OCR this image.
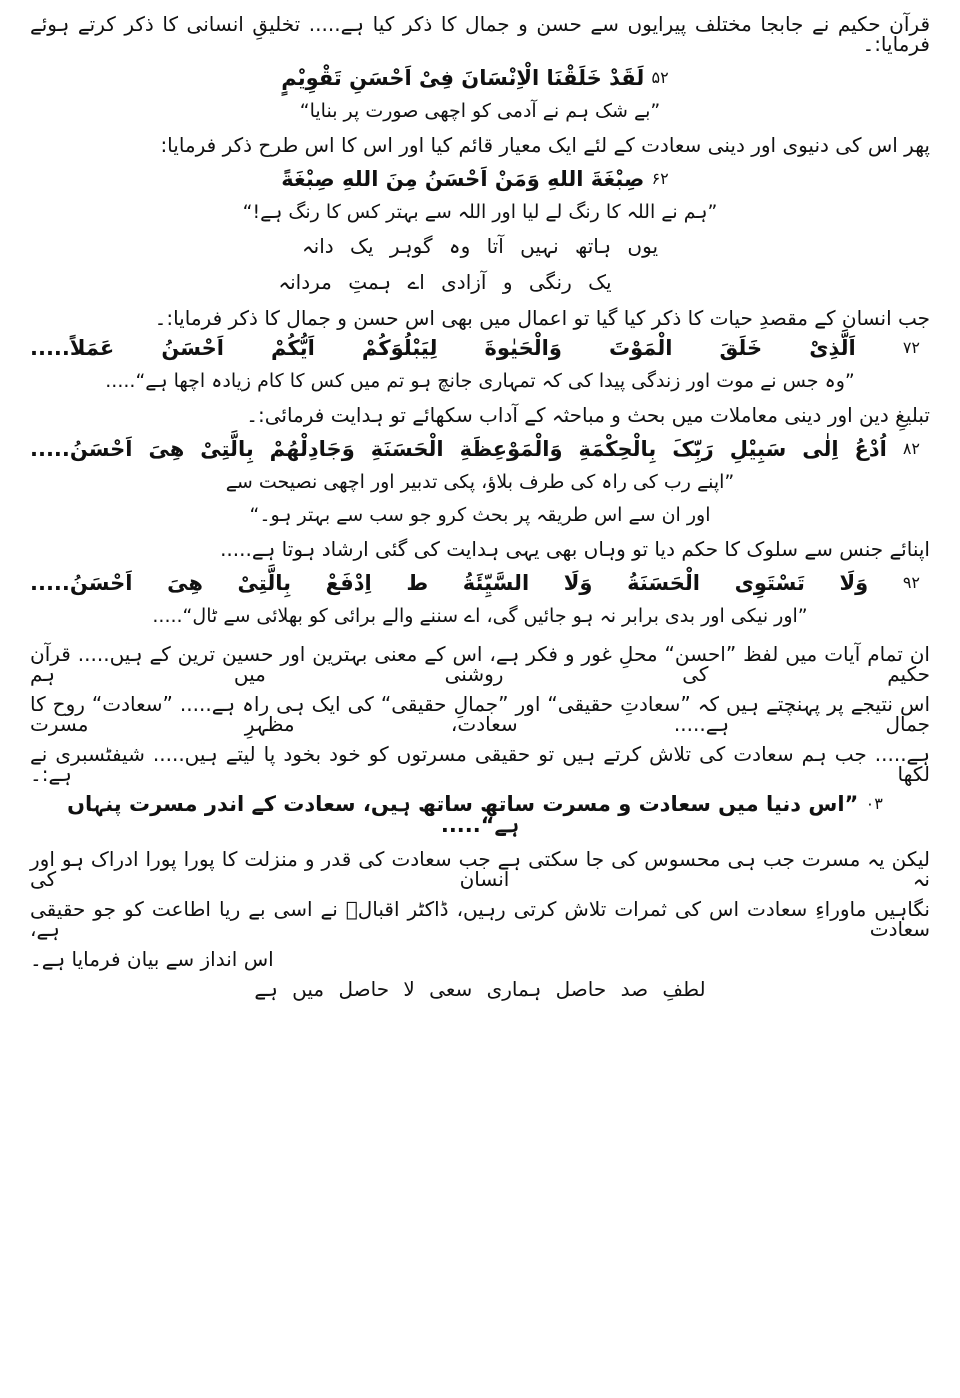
قرآن حکیم نے جابجا مختلف پیرایوں سے حسن و جمال کا ذکر کیا ہے..... تخلیقِ انسانی کا ذکر کرتے ہوئے فرمایا:۔
۲۵ لَقَدْ خَلَقْنَا الْاِنْسَانَ فِیْ اَحْسَنِ تَقْوِیْمٍ
”بے شک ہم نے آدمی کو اچھی صورت پر بنایا“
پھر اس کی دنیوی اور دینی سعادت کے لئے ایک معیار قائم کیا اور اس کا اس طرح ذکر فرمایا:
۲۶ صِبْغَةَ اللهِ وَمَنْ اَحْسَنُ مِنَ اللهِ صِبْغَةً
”ہم نے اللہ کا رنگ لے لیا اور اللہ سے بہتر کس کا رنگ ہے!“
یوں ہاتھ نہیں آتا وہ گوہر یک دانہ
یک رنگی و آزادی اے ہمتِ مردانہ
جب انسان کے مقصدِ حیات کا ذکر کیا گیا تو اعمال میں بھی اس حسن و جمال کا ذکر فرمایا:۔
۲۷ اَلَّذِیْ خَلَقَ الْمَوْتَ وَالْحَیٰوةَ لِیَبْلُوَکُمْ اَیُّکُمْ اَحْسَنُ عَمَلاً.....
”وہ جس نے موت اور زندگی پیدا کی کہ تمہاری جانچ ہو تم میں کس کا کام زیادہ اچھا ہے“.....
تبلیغِ دین اور دینی معاملات میں بحث و مباحثہ کے آداب سکھائے تو ہدایت فرمائی:۔
۲۸ اُدْعُ اِلٰی سَبِیْلِ رَبِّکَ بِالْحِکْمَةِ وَالْمَوْعِظَةِ الْحَسَنَةِ وَجَادِلْهُمْ بِالَّتِیْ هِیَ اَحْسَنُ.....
”اپنے رب کی راہ کی طرف بلاؤ، پکی تدبیر اور اچھی نصیحت سے
اور ان سے اس طریقہ پر بحث کرو جو سب سے بہتر ہو۔“
اپنائے جنس سے سلوک کا حکم دیا تو وہاں بھی یہی ہدایت کی گئی ارشاد ہوتا ہے.....
۲۹ وَلَا تَسْتَوِی الْحَسَنَةُ وَلَا السَّیِّئَةُ ط اِدْفَعْ بِالَّتِیْ هِیَ اَحْسَنُ.....
”اور نیکی اور بدی برابر نہ ہو جائیں گی، اے سننے والے برائی کو بھلائی سے ٹال“.....

ان تمام آیات میں لفظ ”احسن“ محلِ غور و فکر ہے، اس کے معنی بہترین اور حسین ترین کے ہیں..... قرآن حکیم کی روشنی میں ہم

اس نتیجے پر پہنچتے ہیں کہ ”سعادتِ حقیقی“ اور ”جمالِ حقیقی“ کی ایک ہی راہ ہے..... ”سعادت“ روح کا جمال ہے..... سعادت، مظہرِ مسرت

ہے..... جب ہم سعادت کی تلاش کرتے ہیں تو حقیقی مسرتوں کو خود بخود پا لیتے ہیں..... شیفٹسبری نے لکھا ہے:۔

۳۰ ”اس دنیا میں سعادت و مسرت ساتھ ساتھ ہیں، سعادت کے اندر مسرت پنہاں ہے“.....

لیکن یہ مسرت جب ہی محسوس کی جا سکتی ہے جب سعادت کی قدر و منزلت کا پورا پورا ادراک ہو اور نہ انسان کی

نگاہیں ماوراءِ سعادت اس کی ثمرات تلاش کرتی رہیں، ڈاکٹر اقبالؒ نے اسی بے ریا اطاعت کو جو حقیقی سعادت ہے،

اس انداز سے بیان فرمایا ہے۔

لطفِ صد حاصل ہماری سعی لا حاصل میں ہے
